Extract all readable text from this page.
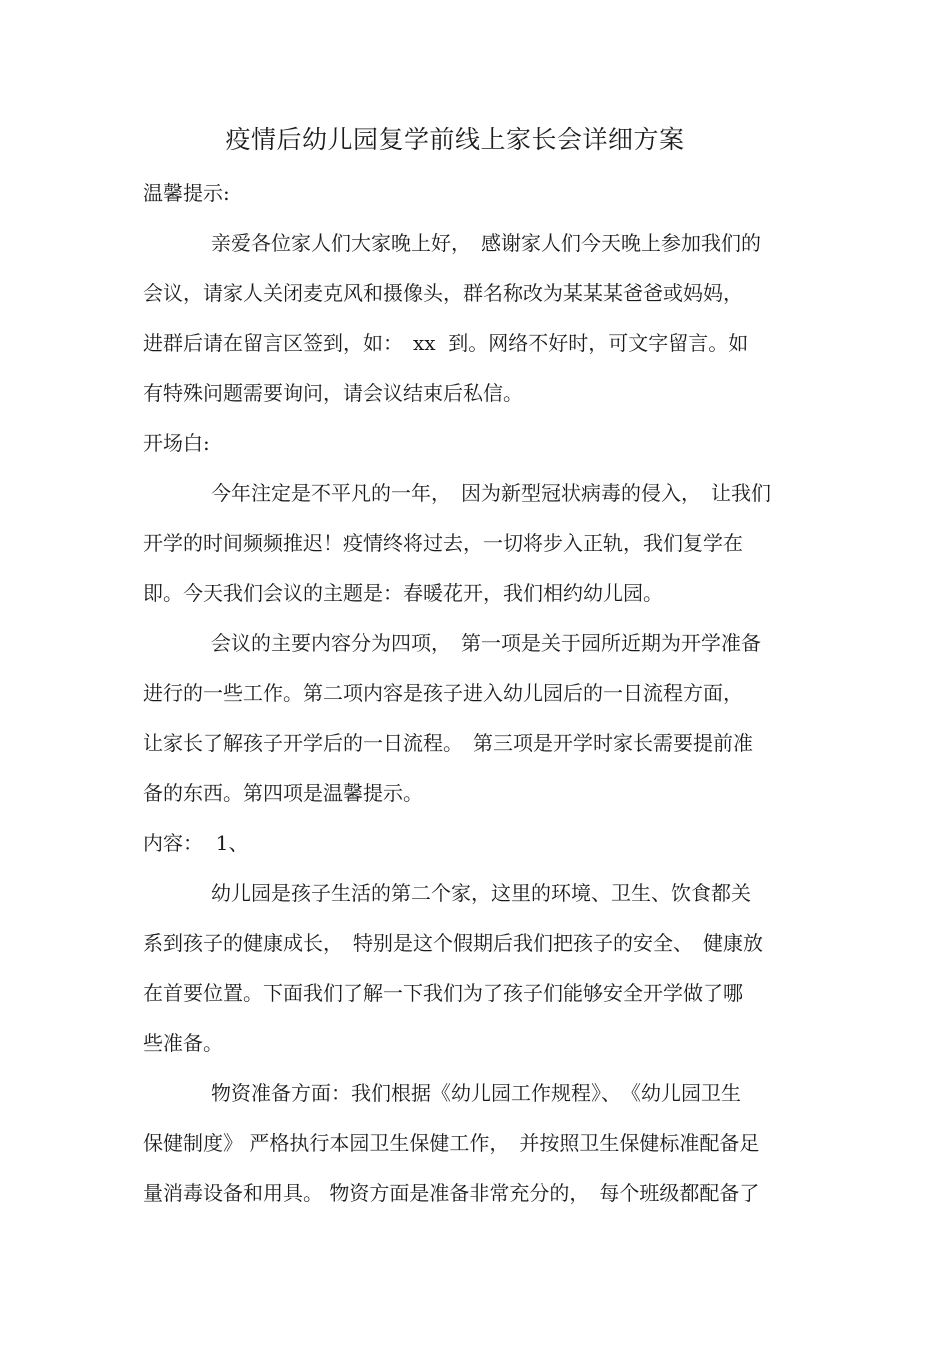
疫情后幼儿园复学前线上家长会详细方案
温馨提示:
亲爱各位家人们大家晚上好，　感谢家人们今天晚上参加我们的
会议，请家人关闭麦克风和摄像头，群名称改为某某某爸爸或妈妈，
进群后请在留言区签到，如：　xx  到。网络不好时，可文字留言。如
有特殊问题需要询问，请会议结束后私信。
开场白:
今年注定是不平凡的一年，　因为新型冠状病毒的侵入，　让我们
开学的时间频频推迟！疫情终将过去，一切将步入正轨，我们复学在
即。今天我们会议的主题是：春暖花开，我们相约幼儿园。
会议的主要内容分为四项，　第一项是关于园所近期为开学准备
进行的一些工作。第二项内容是孩子进入幼儿园后的一日流程方面，
让家长了解孩子开学后的一日流程。　第三项是开学时家长需要提前准
备的东西。第四项是温馨提示。
内容：  1、
幼儿园是孩子生活的第二个家，这里的环境、卫生、饮食都关
系到孩子的健康成长，　特别是这个假期后我们把孩子的安全、　健康放
在首要位置。下面我们了解一下我们为了孩子们能够安全开学做了哪
些准备。
物资准备方面：我们根据《幼儿园工作规程》、　《幼儿园卫生
保健制度》 严格执行本园卫生保健工作，　并按照卫生保健标准配备足
量消毒设备和用具。 物资方面是准备非常充分的，　每个班级都配备了
